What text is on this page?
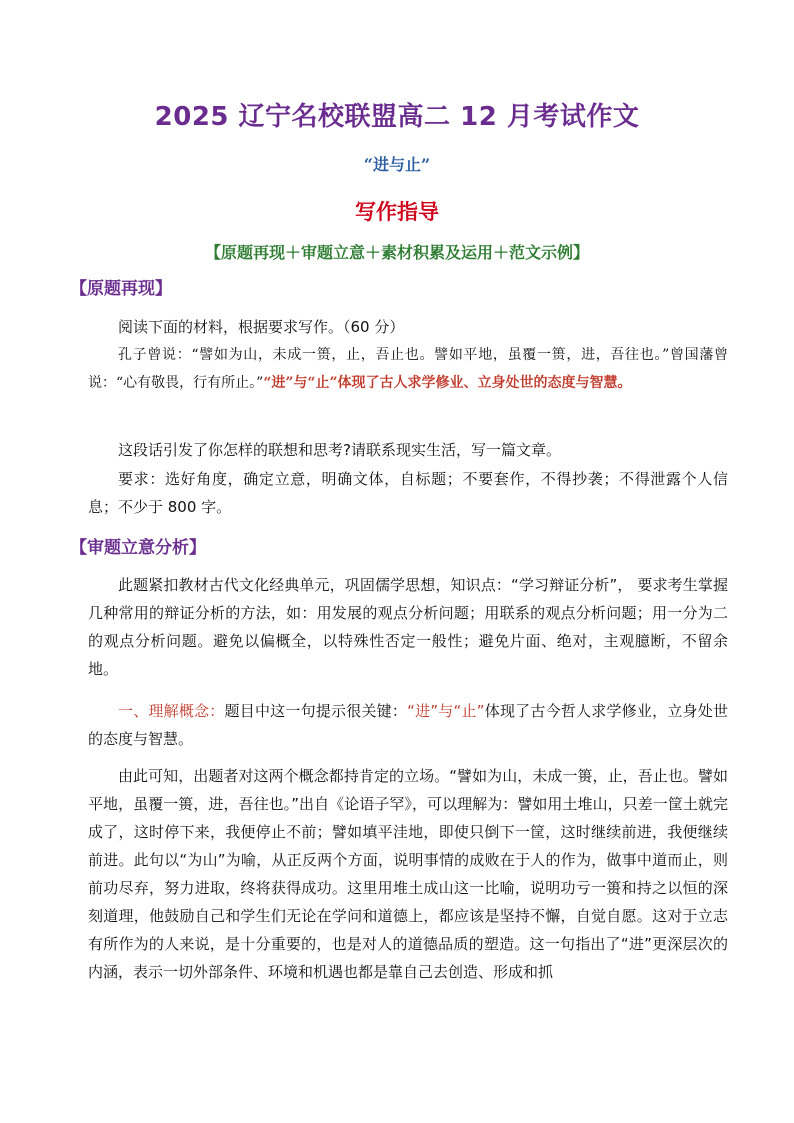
2025 辽宁名校联盟高二 12 月考试作文
“进与止”
写作指导
【原题再现＋审题立意＋素材积累及运用＋范文示例】
【原题再现】
阅读下面的材料，根据要求写作。（60 分）
孔子曾说：“譬如为山，未成一篑，止，吾止也。譬如平地，虽覆一篑，进，吾往也。”曾国藩曾说：“心有敬畏，行有所止。”“进”与“止”体现了古人求学修业、立身处世的态度与智慧。
这段话引发了你怎样的联想和思考?请联系现实生活，写一篇文章。
要求：选好角度，确定立意，明确文体，自标题；不要套作，不得抄袭；不得泄露个人信息；不少于 800 字。
【审题立意分析】
此题紧扣教材古代文化经典单元，巩固儒学思想，知识点：“学习辩证分析”， 要求考生掌握几种常用的辩证分析的方法，如：用发展的观点分析问题；用联系的观点分析问题；用一分为二的观点分析问题。避免以偏概全，以特殊性否定一般性；避免片面、绝对，主观臆断，不留余地。
一、理解概念：题目中这一句提示很关键：“进”与“止”体现了古今哲人求学修业，立身处世的态度与智慧。
由此可知，出题者对这两个概念都持肯定的立场。“譬如为山，未成一篑，止，吾止也。譬如平地，虽覆一篑，进，吾往也。”出自《论语子罕》，可以理解为：譬如用土堆山，只差一筐土就完成了，这时停下来，我便停止不前；譬如填平洼地，即使只倒下一筐，这时继续前进，我便继续前进。此句以“为山”为喻，从正反两个方面，说明事情的成败在于人的作为，做事中道而止，则前功尽弃，努力进取，终将获得成功。这里用堆土成山这一比喻，说明功亏一篑和持之以恒的深刻道理，他鼓励自己和学生们无论在学问和道德上，都应该是坚持不懈，自觉自愿。这对于立志有所作为的人来说，是十分重要的，也是对人的道德品质的塑造。这一句指出了“进”更深层次的内涵，表示一切外部条件、环境和机遇也都是靠自己去创造、形成和抓
